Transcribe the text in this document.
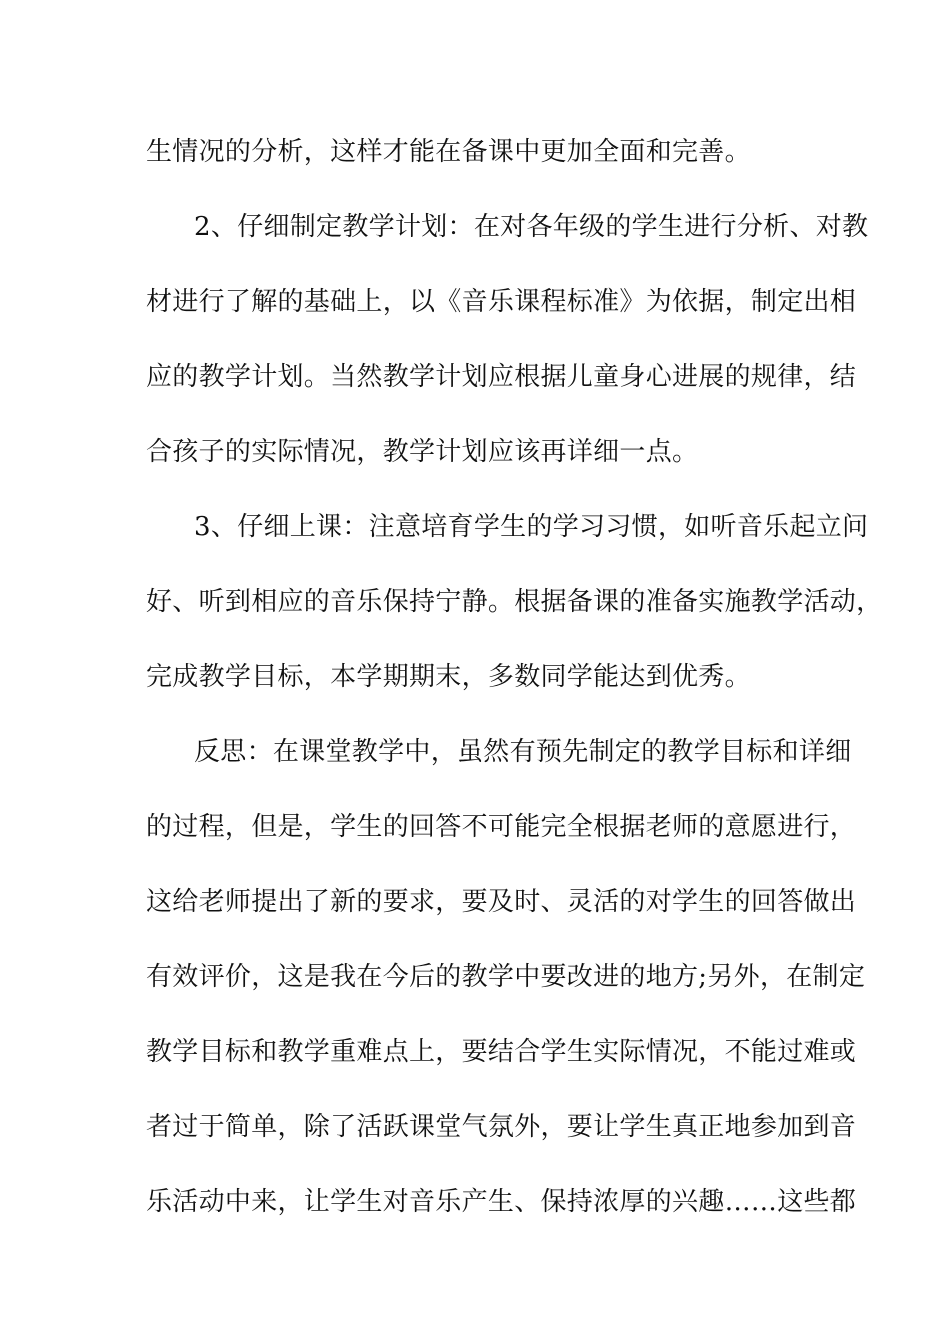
生情况的分析，这样才能在备课中更加全面和完善。
2、仔细制定教学计划：在对各年级的学生进行分析、对教
材进行了解的基础上，以《音乐课程标准》为依据，制定出相
应的教学计划。当然教学计划应根据儿童身心进展的规律，结
合孩子的实际情况，教学计划应该再详细一点。
3、仔细上课：注意培育学生的学习习惯，如听音乐起立问
好、听到相应的音乐保持宁静。根据备课的准备实施教学活动，
完成教学目标，本学期期末，多数同学能达到优秀。
反思：在课堂教学中，虽然有预先制定的教学目标和详细
的过程，但是，学生的回答不可能完全根据老师的意愿进行，
这给老师提出了新的要求，要及时、灵活的对学生的回答做出
有效评价，这是我在今后的教学中要改进的地方;另外，在制定
教学目标和教学重难点上，要结合学生实际情况，不能过难或
者过于简单，除了活跃课堂气氛外，要让学生真正地参加到音
乐活动中来，让学生对音乐产生、保持浓厚的兴趣……这些都
